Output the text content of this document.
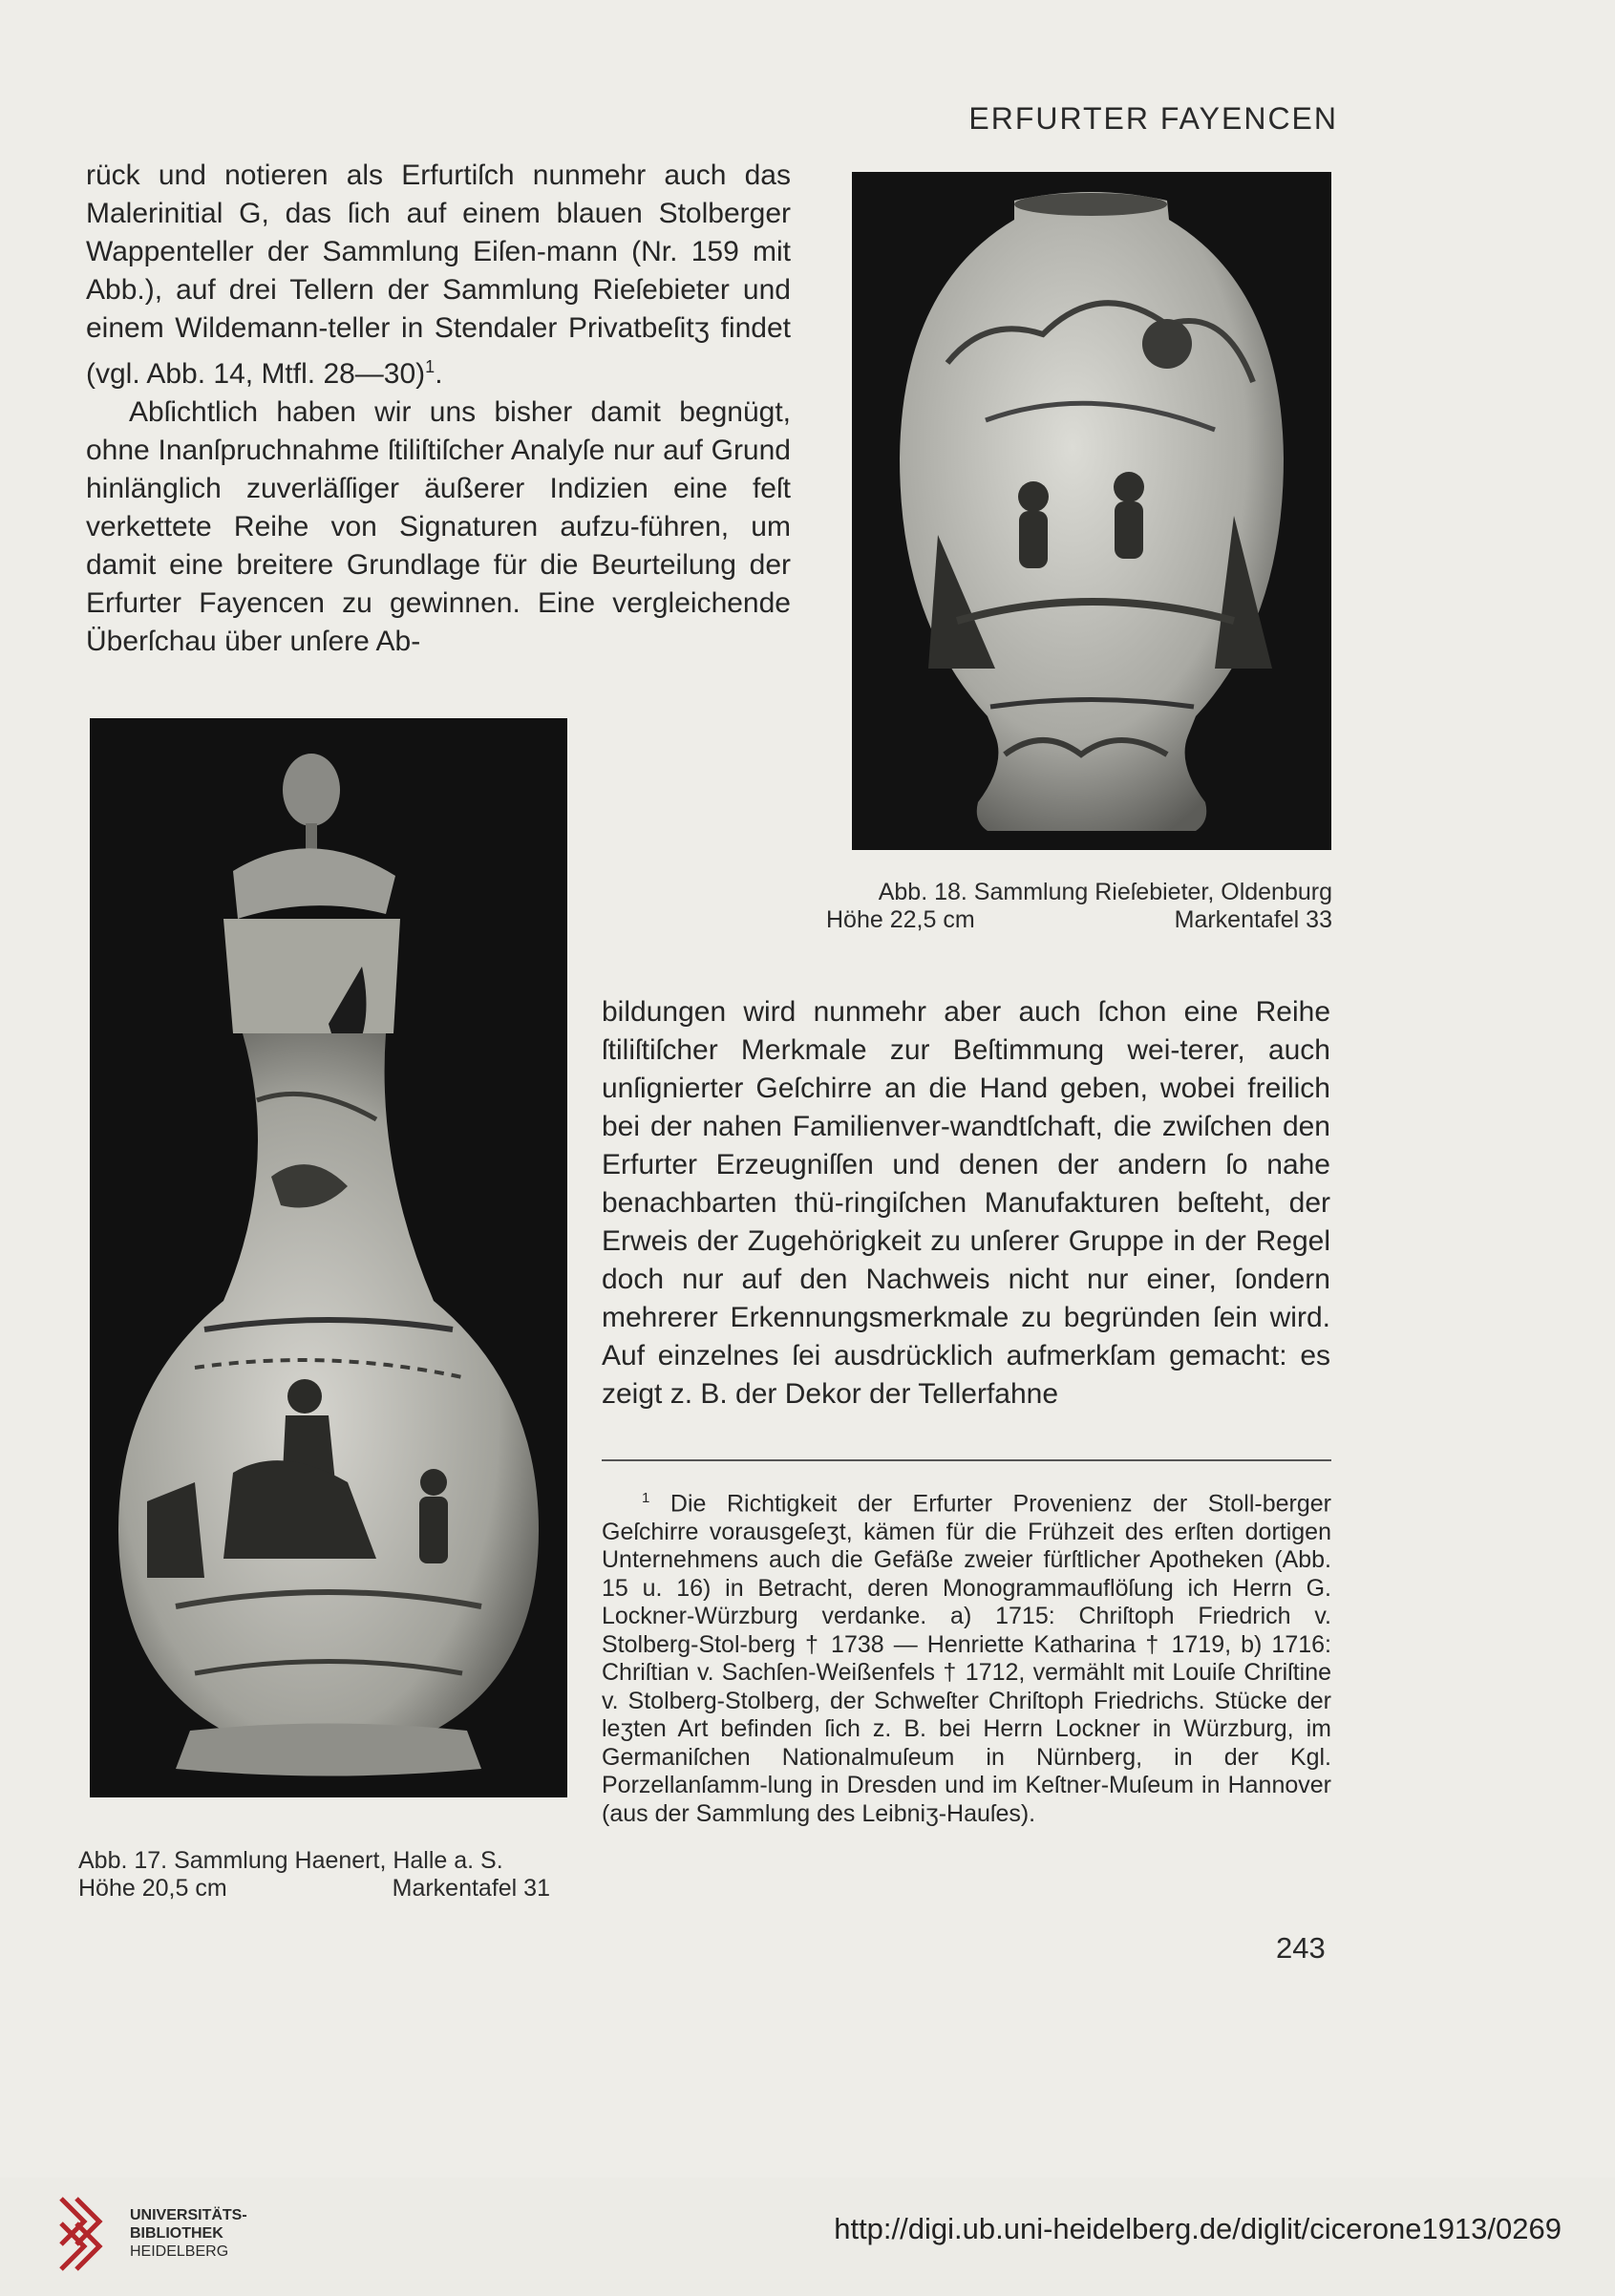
ERFURTER FAYENCEN

rück und notieren als Erfurtiſch nunmehr auch das Malerinitial G, das ſich auf einem blauen Stolberger Wappenteller der Sammlung Eiſen-mann (Nr. 159 mit Abb.), auf drei Tellern der Sammlung Rieſebieter und einem Wildemann-teller in Stendaler Privatbeſitʒ findet (vgl. Abb. 14, Mtfl. 28—30)$^1$.

Abſichtlich haben wir uns bisher damit begnügt, ohne Inanſpruchnahme ſtiliſtiſcher Analyſe nur auf Grund hinlänglich zuverläſſiger äußerer Indizien eine feſt verkettete Reihe von Signaturen aufzu-führen, um damit eine breitere Grundlage für die Beurteilung der Erfurter Fayencen zu gewinnen. Eine vergleichende Überſchau über unſere Ab-

Abb. 18. Sammlung Rieſebieter, Oldenburg
Höhe 22,5 cm	Markentafel 33
Abb. 17. Sammlung Haenert, Halle a. S.
Höhe 20,5 cm	Markentafel 31

bildungen wird nunmehr aber auch ſchon eine Reihe ſtiliſtiſcher Merkmale zur Beſtimmung wei-terer, auch unſignierter Geſchirre an die Hand geben, wobei freilich bei der nahen Familienver-wandtſchaft, die zwiſchen den Erfurter Erzeugniſſen und denen der andern ſo nahe benachbarten thü-ringiſchen Manufakturen beſteht, der Erweis der Zugehörigkeit zu unſerer Gruppe in der Regel doch nur auf den Nachweis nicht nur einer, ſondern mehrerer Erkennungsmerkmale zu begründen ſein wird. Auf einzelnes ſei ausdrücklich aufmerkſam gemacht: es zeigt z. B. der Dekor der Tellerfahne

$^1$ Die Richtigkeit der Erfurter Provenienz der Stoll-berger Geſchirre vorausgeſeʒt, kämen für die Frühzeit des erſten dortigen Unternehmens auch die Gefäße zweier fürſtlicher Apotheken (Abb. 15 u. 16) in Betracht, deren Monogrammauflöſung ich Herrn G. Lockner-Würzburg verdanke. a) 1715: Chriſtoph Friedrich v. Stolberg-Stol-berg † 1738 — Henriette Katharina † 1719, b) 1716: Chriſtian v. Sachſen-Weißenfels † 1712, vermählt mit Louiſe Chriſtine v. Stolberg-Stolberg, der Schweſter Chriſtoph Friedrichs. Stücke der leʒten Art befinden ſich z. B. bei Herrn Lockner in Würzburg, im Germaniſchen Nationalmuſeum in Nürnberg, in der Kgl. Porzellanſamm-lung in Dresden und im Keſtner-Muſeum in Hannover (aus der Sammlung des Leibniʒ-Hauſes).
243
UNIVERSITÄTS-
BIBLIOTHEK
HEIDELBERG
http://digi.ub.uni-heidelberg.de/diglit/cicerone1913/0269
